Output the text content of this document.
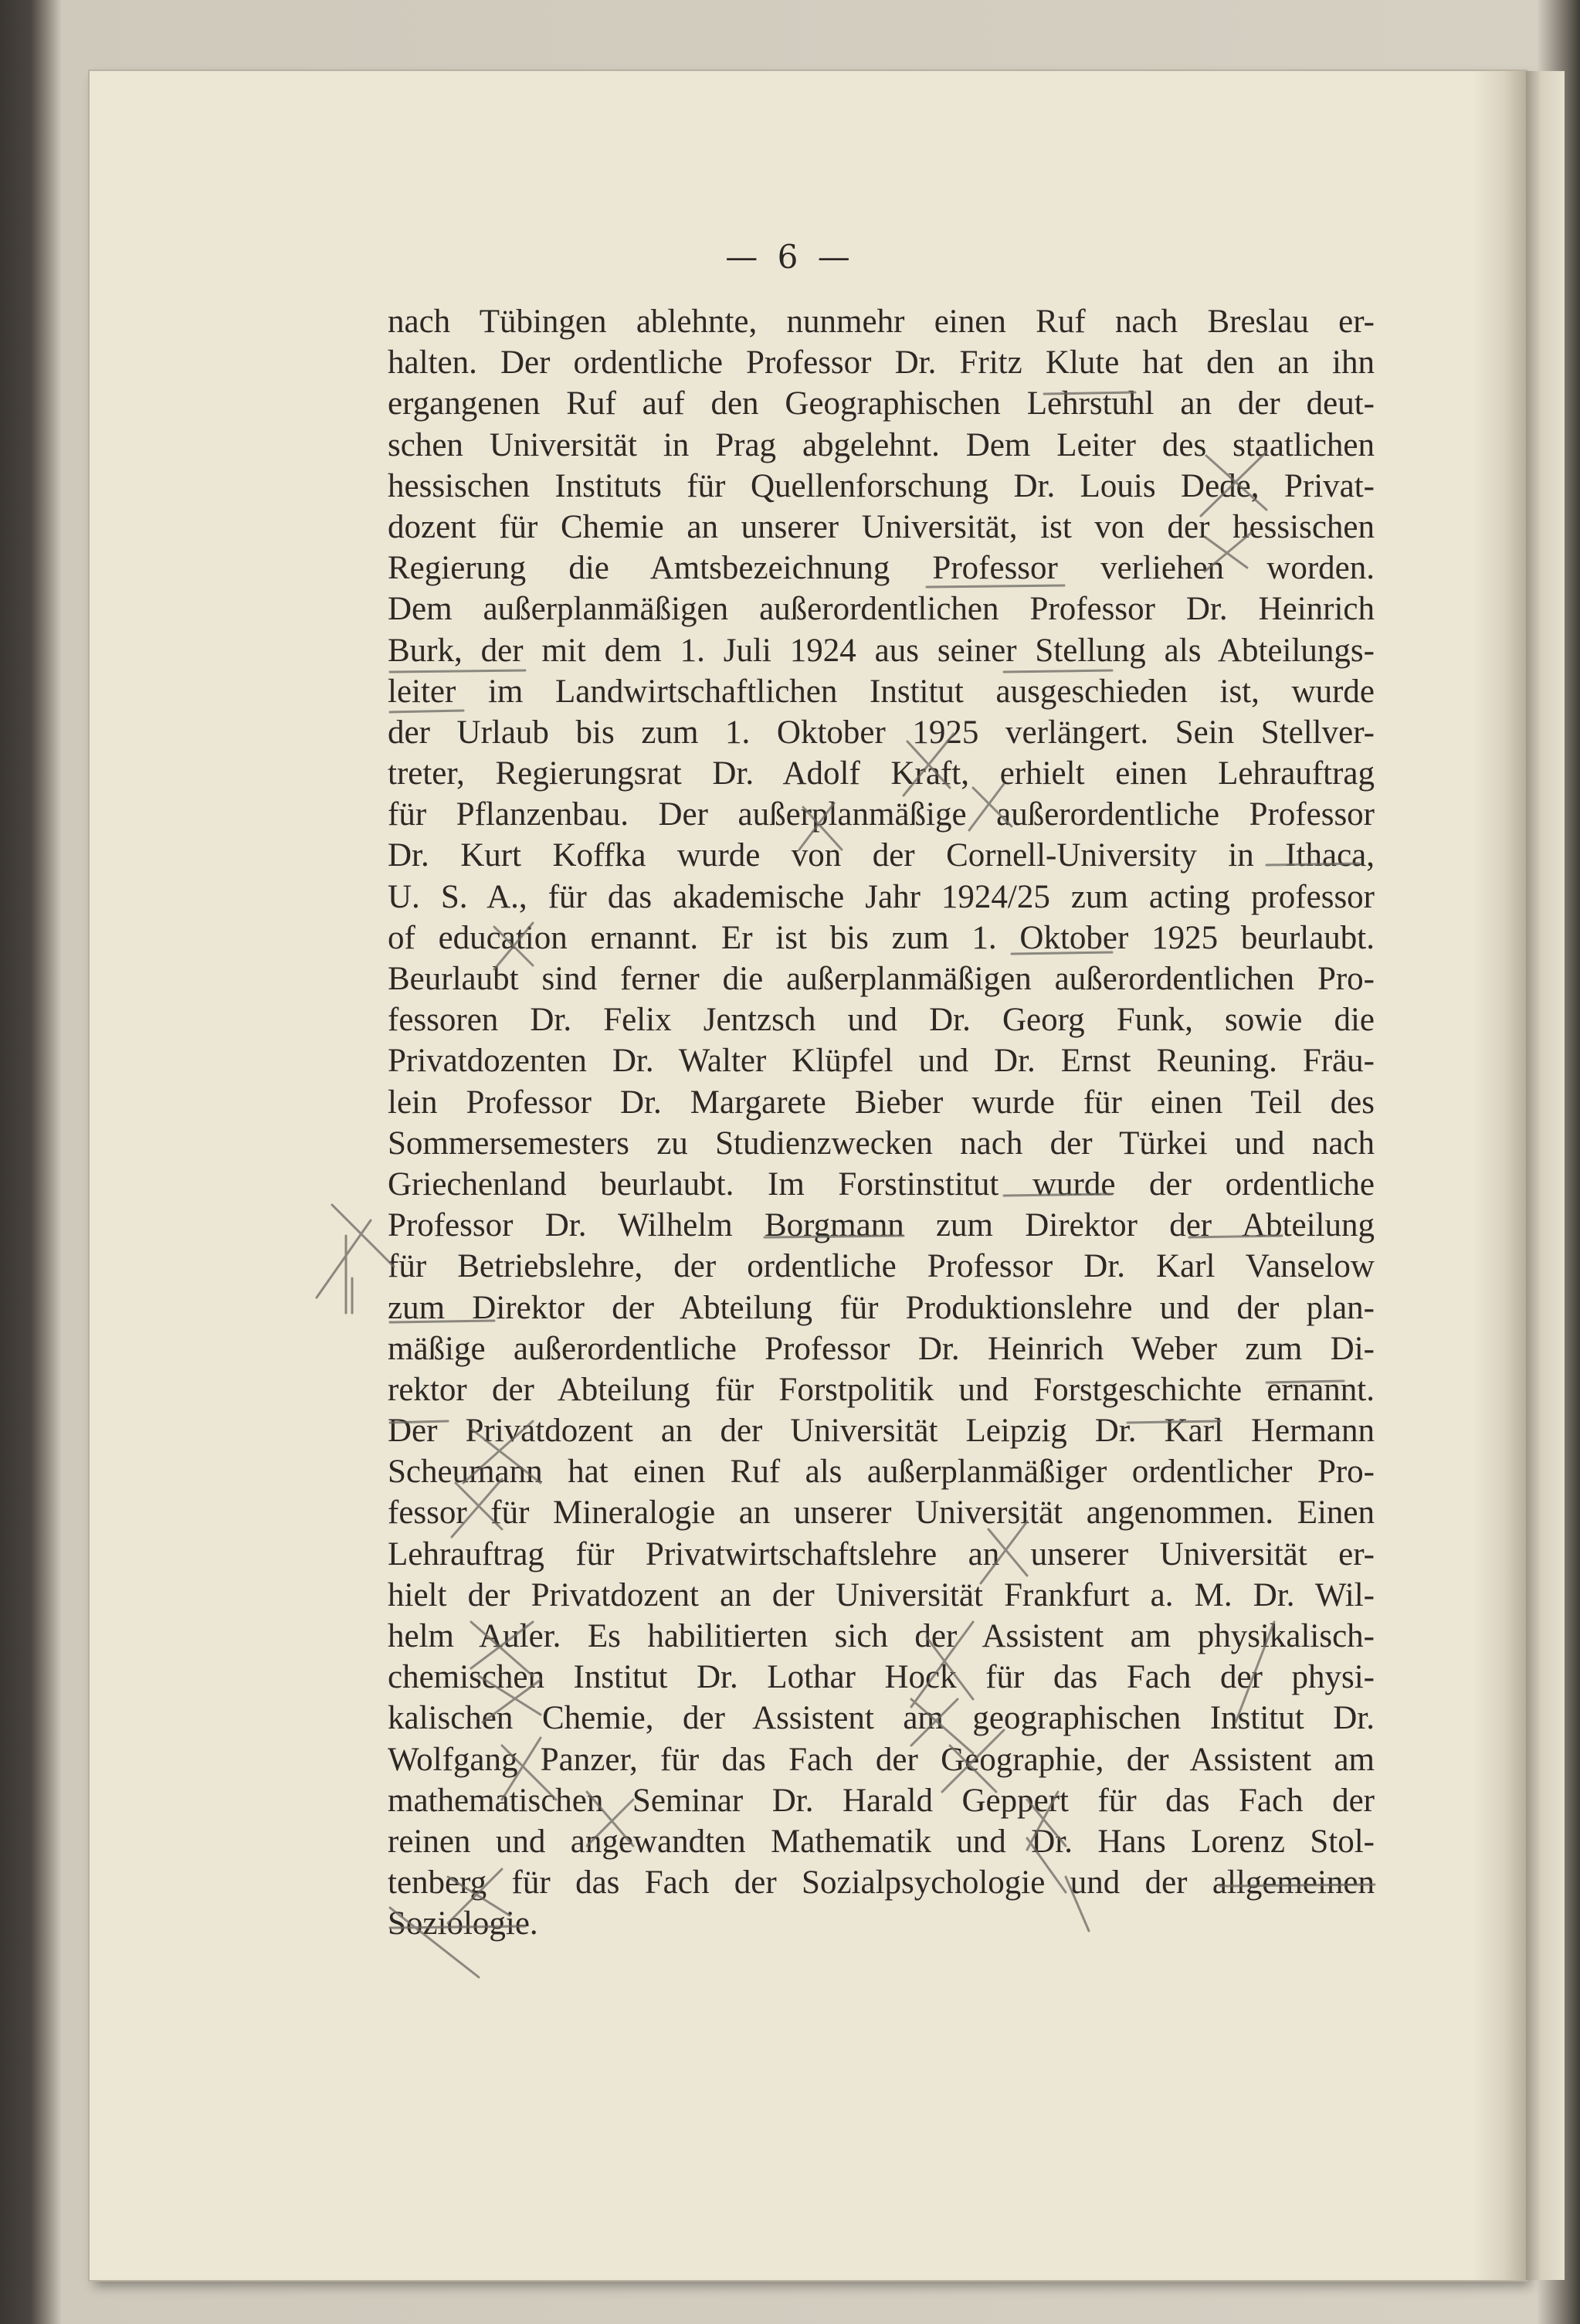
— 6 —
nach Tübingen ablehnte, nunmehr einen Ruf nach Breslau er-
halten. Der ordentliche Professor Dr. Fritz Klute hat den an ihn
ergangenen Ruf auf den Geographischen Lehrstuhl an der deut-
schen Universität in Prag abgelehnt. Dem Leiter des staatlichen
hessischen Instituts für Quellenforschung Dr. Louis Dede, Privat-
dozent für Chemie an unserer Universität, ist von der hessischen
Regierung die Amtsbezeichnung Professor verliehen worden.
Dem außerplanmäßigen außerordentlichen Professor Dr. Heinrich
Burk, der mit dem 1. Juli 1924 aus seiner Stellung als Abteilungs-
leiter im Landwirtschaftlichen Institut ausgeschieden ist, wurde
der Urlaub bis zum 1. Oktober 1925 verlängert. Sein Stellver-
treter, Regierungsrat Dr. Adolf Kraft, erhielt einen Lehrauftrag
für Pflanzenbau. Der außerplanmäßige außerordentliche Professor
Dr. Kurt Koffka wurde von der Cornell-University in Ithaca,
U. S. A., für das akademische Jahr 1924/25 zum acting professor
of education ernannt. Er ist bis zum 1. Oktober 1925 beurlaubt.
Beurlaubt sind ferner die außerplanmäßigen außerordentlichen Pro-
fessoren Dr. Felix Jentzsch und Dr. Georg Funk, sowie die
Privatdozenten Dr. Walter Klüpfel und Dr. Ernst Reuning. Fräu-
lein Professor Dr. Margarete Bieber wurde für einen Teil des
Sommersemesters zu Studienzwecken nach der Türkei und nach
Griechenland beurlaubt. Im Forstinstitut wurde der ordentliche
Professor Dr. Wilhelm Borgmann zum Direktor der Abteilung
für Betriebslehre, der ordentliche Professor Dr. Karl Vanselow
zum Direktor der Abteilung für Produktionslehre und der plan-
mäßige außerordentliche Professor Dr. Heinrich Weber zum Di-
rektor der Abteilung für Forstpolitik und Forstgeschichte ernannt.
Der Privatdozent an der Universität Leipzig Dr. Karl Hermann
Scheumann hat einen Ruf als außerplanmäßiger ordentlicher Pro-
fessor für Mineralogie an unserer Universität angenommen. Einen
Lehrauftrag für Privatwirtschaftslehre an unserer Universität er-
hielt der Privatdozent an der Universität Frankfurt a. M. Dr. Wil-
helm Auler. Es habilitierten sich der Assistent am physikalisch-
chemischen Institut Dr. Lothar Hock für das Fach der physi-
kalischen Chemie, der Assistent am geographischen Institut Dr.
Wolfgang Panzer, für das Fach der Geographie, der Assistent am
mathematischen Seminar Dr. Harald Geppert für das Fach der
reinen und angewandten Mathematik und Dr. Hans Lorenz Stol-
tenberg für das Fach der Sozialpsychologie und der allgemeinen
Soziologie.
